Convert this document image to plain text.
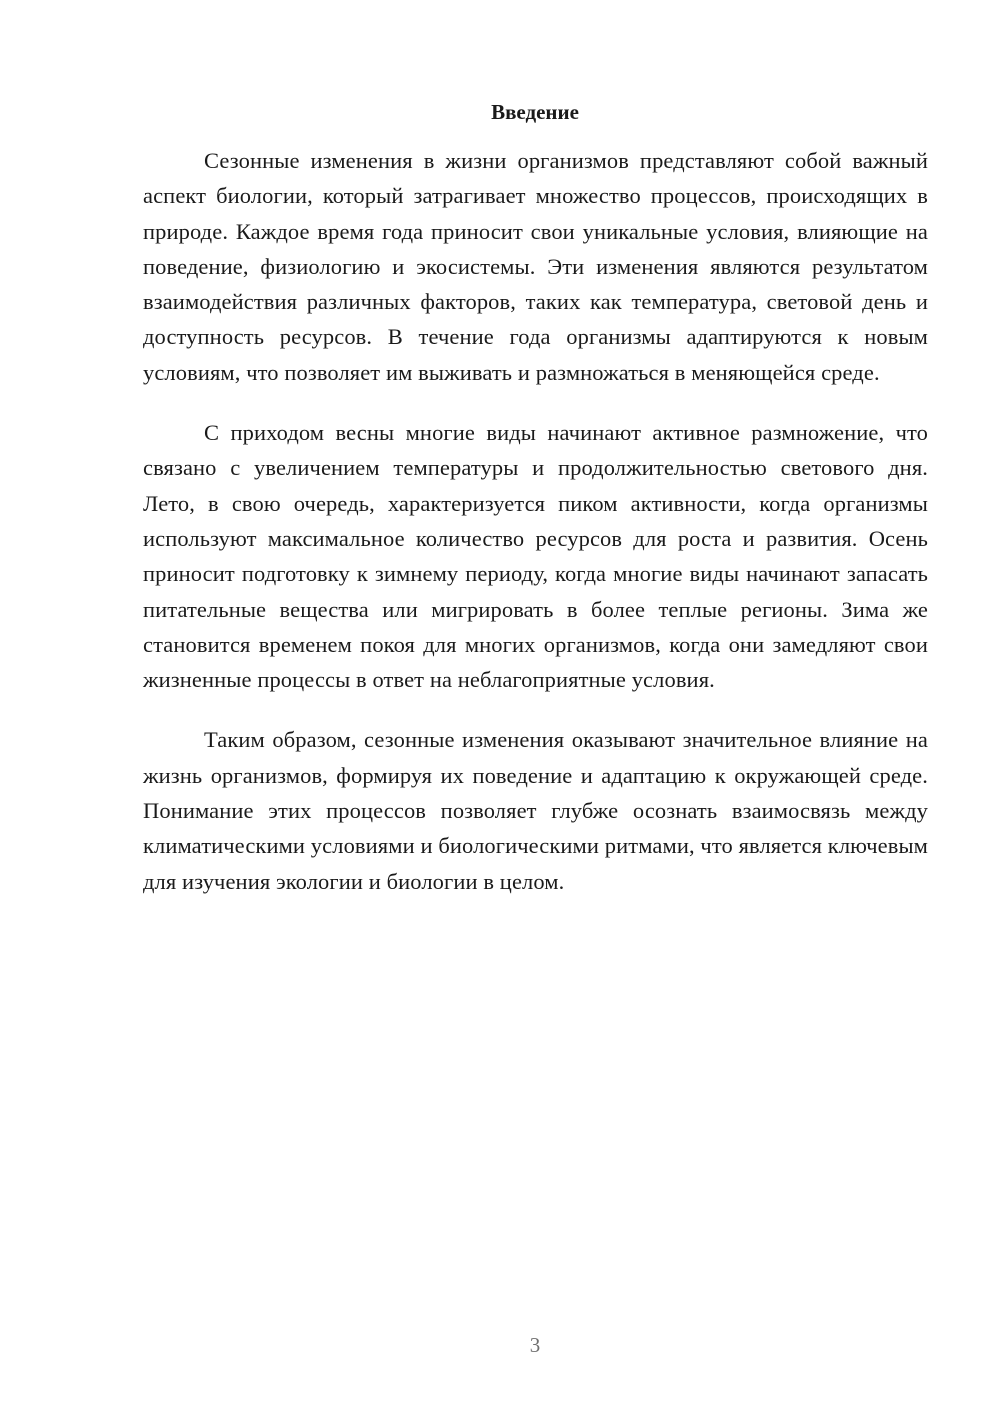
Введение

Сезонные изменения в жизни организмов представляют собой важный аспект биологии, который затрагивает множество процессов, происходящих в природе. Каждое время года приносит свои уникальные условия, влияющие на поведение, физиологию и экосистемы. Эти изменения являются результатом взаимодействия различных факторов, таких как температура, световой день и доступность ресурсов. В течение года организмы адаптируются к новым условиям, что позволяет им выживать и размножаться в меняющейся среде.

С приходом весны многие виды начинают активное размножение, что связано с увеличением температуры и продолжительностью светового дня. Лето, в свою очередь, характеризуется пиком активности, когда организмы используют максимальное количество ресурсов для роста и развития. Осень приносит подготовку к зимнему периоду, когда многие виды начинают запасать питательные вещества или мигрировать в более теплые регионы. Зима же становится временем покоя для многих организмов, когда они замедляют свои жизненные процессы в ответ на неблагоприятные условия.

Таким образом, сезонные изменения оказывают значительное влияние на жизнь организмов, формируя их поведение и адаптацию к окружающей среде. Понимание этих процессов позволяет глубже осознать взаимосвязь между климатическими условиями и биологическими ритмами, что является ключевым для изучения экологии и биологии в целом.

3
